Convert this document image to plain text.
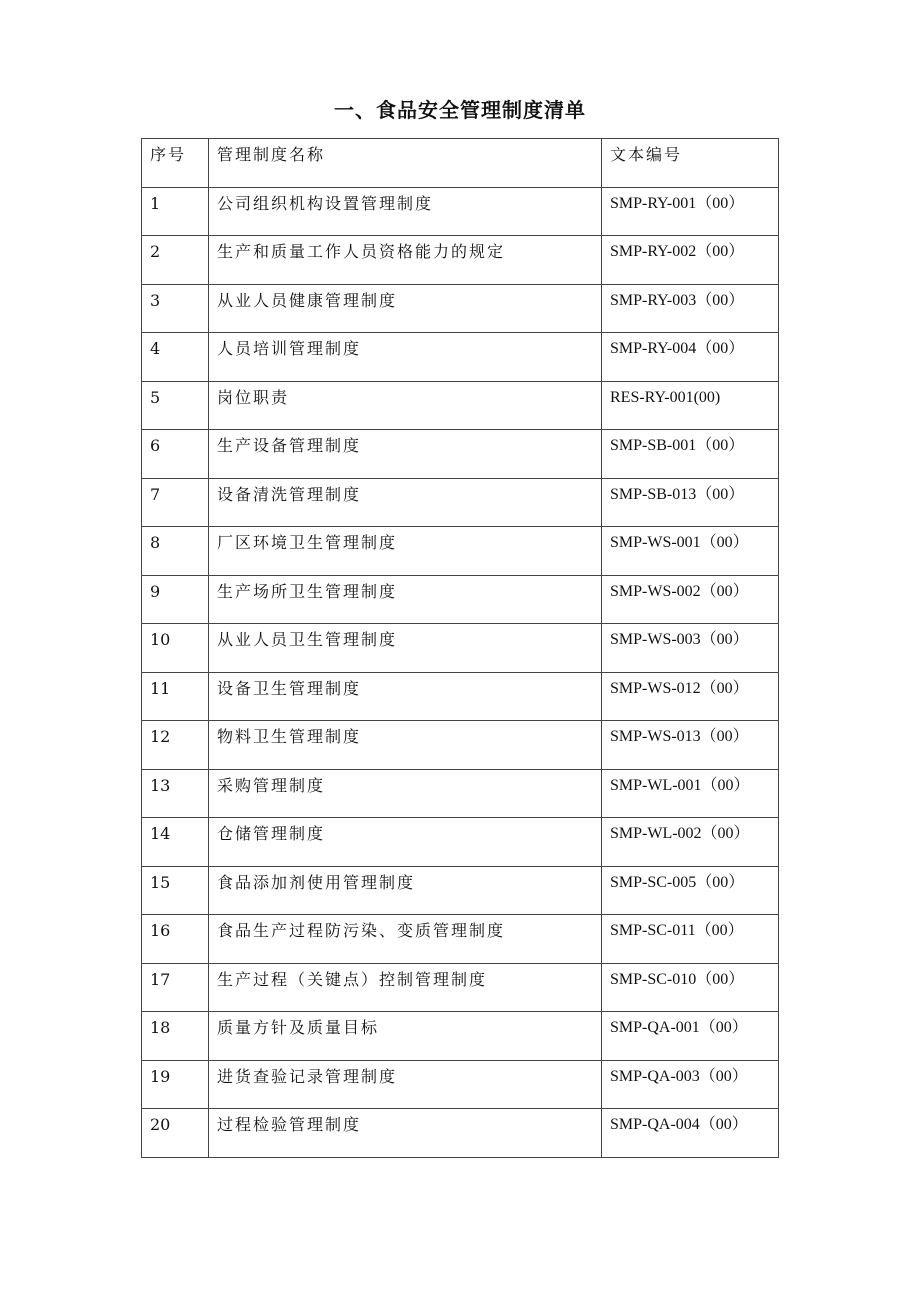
一、食品安全管理制度清单
序号	管理制度名称	文本编号
1	公司组织机构设置管理制度	SMP-RY-001（00）
2	生产和质量工作人员资格能力的规定	SMP-RY-002（00）
3	从业人员健康管理制度	SMP-RY-003（00）
4	人员培训管理制度	SMP-RY-004（00）
5	岗位职责	RES-RY-001(00)
6	生产设备管理制度	SMP-SB-001（00）
7	设备清洗管理制度	SMP-SB-013（00）
8	厂区环境卫生管理制度	SMP-WS-001（00）
9	生产场所卫生管理制度	SMP-WS-002（00）
10	从业人员卫生管理制度	SMP-WS-003（00）
11	设备卫生管理制度	SMP-WS-012（00）
12	物料卫生管理制度	SMP-WS-013（00）
13	采购管理制度	SMP-WL-001（00）
14	仓储管理制度	SMP-WL-002（00）
15	食品添加剂使用管理制度	SMP-SC-005（00）
16	食品生产过程防污染、变质管理制度	SMP-SC-011（00）
17	生产过程（关键点）控制管理制度	SMP-SC-010（00）
18	质量方针及质量目标	SMP-QA-001（00）
19	进货查验记录管理制度	SMP-QA-003（00）
20	过程检验管理制度	SMP-QA-004（00）
